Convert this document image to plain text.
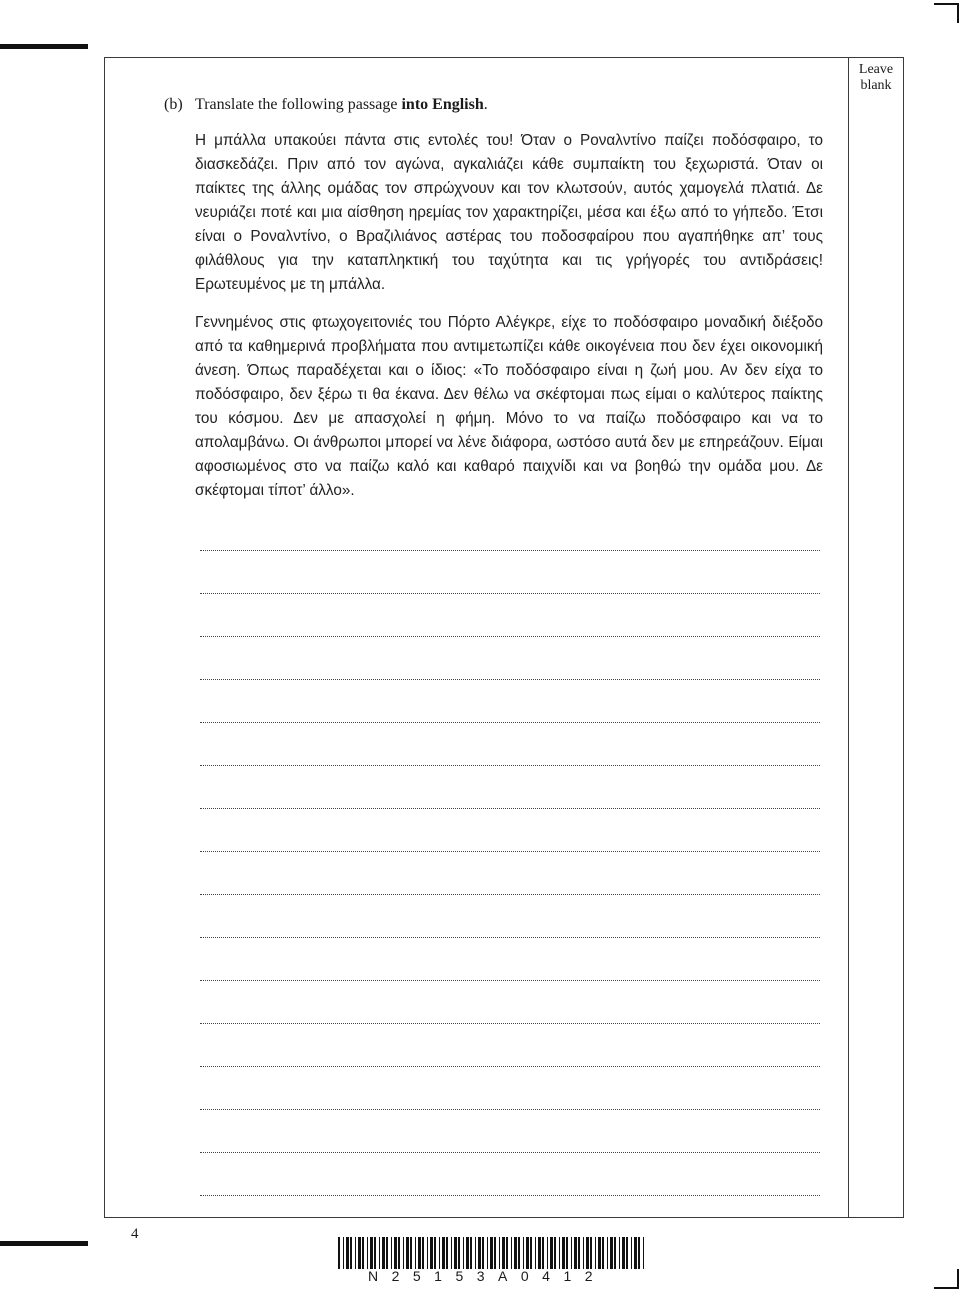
Leave
blank
(b) Translate the following passage into English.
Η μπάλλα υπακούει πάντα στις εντολές του! Όταν ο Ροναλντίνο παίζει ποδόσφαιρο, το διασκεδάζει. Πριν από τον αγώνα, αγκαλιάζει κάθε συμπαίκτη του ξεχωριστά. Όταν οι παίκτες της άλλης ομάδας τον σπρώχνουν και τον κλωτσούν, αυτός χαμογελά πλατιά. Δε νευριάζει ποτέ και μια αίσθηση ηρεμίας τον χαρακτηρίζει, μέσα και έξω από το γήπεδο. Έτσι είναι ο Ροναλντίνο, ο Βραζιλιάνος αστέρας του ποδοσφαίρου που αγαπήθηκε απ’ τους φιλάθλους για την καταπληκτική του ταχύτητα και τις γρήγορές του αντιδράσεις! Ερωτευμένος με τη μπάλλα.
Γεννημένος στις φτωχογειτονιές του Πόρτο Αλέγκρε, είχε το ποδόσφαιρο μοναδική διέξοδο από τα καθημερινά προβλήματα που αντιμετωπίζει κάθε οικογένεια που δεν έχει οικονομική άνεση. Όπως παραδέχεται και ο ίδιος: «Το ποδόσφαιρο είναι η ζωή μου. Αν δεν είχα το ποδόσφαιρο, δεν ξέρω τι θα έκανα. Δεν θέλω να σκέφτομαι πως είμαι ο καλύτερος παίκτης του κόσμου. Δεν με απασχολεί η φήμη. Μόνο το να παίζω ποδόσφαιρο και να το απολαμβάνω. Οι άνθρωποι μπορεί να λένε διάφορα, ωστόσο αυτά δεν με επηρεάζουν. Είμαι αφοσιωμένος στο να παίζω καλό και καθαρό παιχνίδι και να βοηθώ την ομάδα μου. Δε σκέφτομαι τίποτ’ άλλο».
4
N25153A0412
